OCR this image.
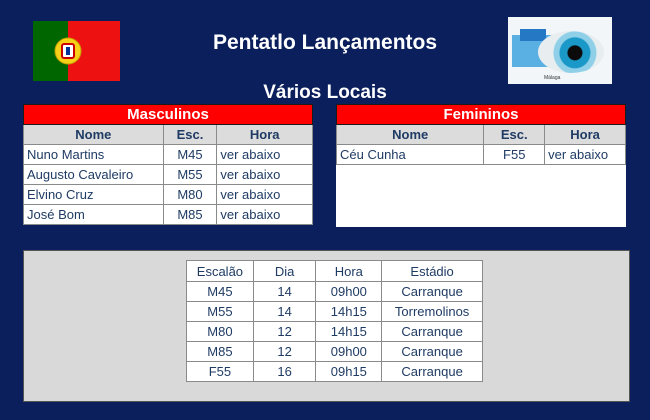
Pentatlo Lançamentos
Vários Locais
Málaga
Masculinos		
Nome	Esc.	Hora
Nuno Martins	M45	ver abaixo
Augusto Cavaleiro	M55	ver abaixo
Elvino Cruz	M80	ver abaixo
José Bom	M85	ver abaixo
Femininos		
Nome	Esc.	Hora
Céu Cunha	F55	ver abaixo

Escalão	Dia	Hora	Estádio
M45	14	09h00	Carranque
M55	14	14h15	Torremolinos
M80	12	14h15	Carranque
M85	12	09h00	Carranque
F55	16	09h15	Carranque
